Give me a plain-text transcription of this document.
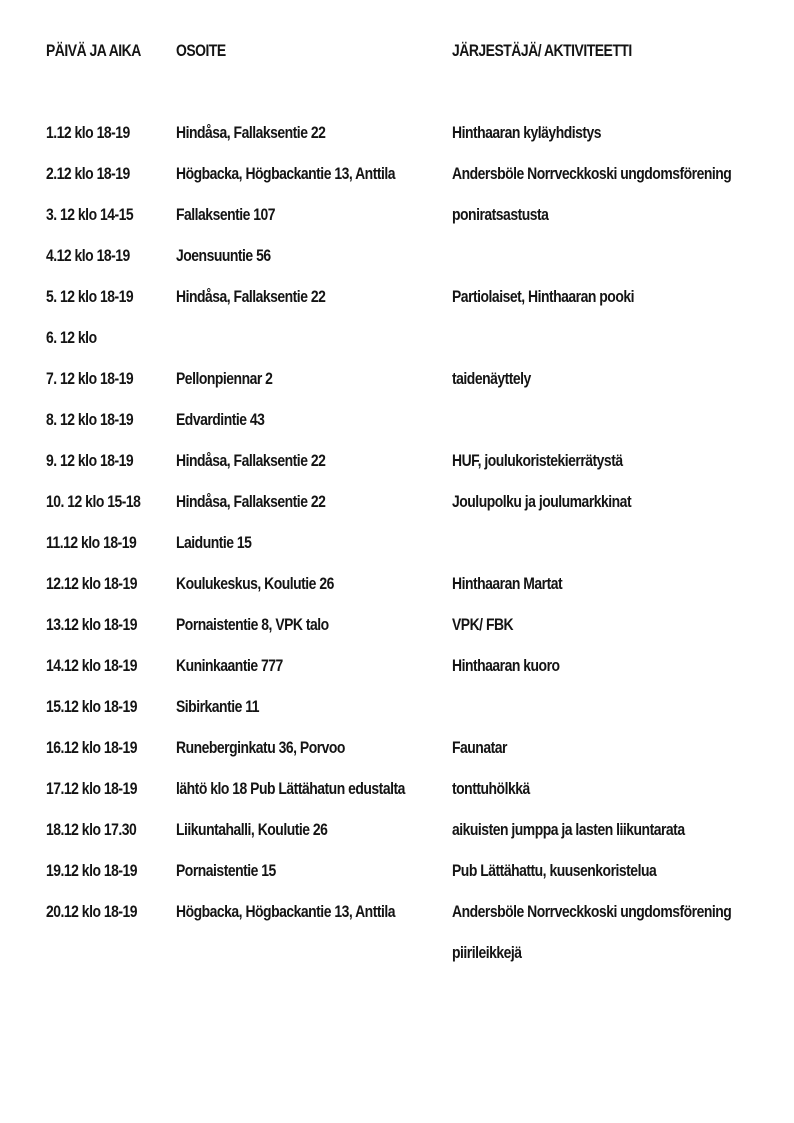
PÄIVÄ JA AIKA OSOITE	JÄRJESTÄJÄ/ AKTIVITEETTI
1.12 klo 18-19	Hindåsa, Fallaksentie 22	Hinthaaran kyläyhdistys
2.12 klo 18-19	Högbacka, Högbackantie 13, Anttila	Andersböle Norrveckkoski ungdomsförening
3. 12 klo 14-15	Fallaksentie 107	poniratsastusta
4.12 klo 18-19	Joensuuntie 56
5. 12 klo 18-19	Hindåsa, Fallaksentie 22	Partiolaiset, Hinthaaran pooki
6. 12 klo
7. 12 klo 18-19	Pellonpiennar 2	taidenäyttely
8. 12 klo 18-19	Edvardintie 43
9. 12 klo 18-19	Hindåsa, Fallaksentie 22	HUF, joulukoristekierrätystä
10. 12 klo 15-18 Hindåsa, Fallaksentie 22	Joulupolku ja joulumarkkinat
11.12 klo 18-19 Laiduntie 15
12.12 klo 18-19 Koulukeskus, Koulutie 26	Hinthaaran Martat
13.12 klo 18-19 Pornaistentie 8, VPK talo	VPK/ FBK
14.12 klo 18-19 Kuninkaantie 777	Hinthaaran kuoro
15.12 klo 18-19 Sibirkantie 11
16.12 klo 18-19 Runeberginkatu 36, Porvoo	Faunatar
17.12 klo 18-19 lähtö klo 18 Pub Lättähatun edustalta	tonttuhölkkä
18.12 klo 17.30 Liikuntahalli, Koulutie 26	aikuisten jumppa ja lasten liikuntarata
19.12 klo 18-19 Pornaistentie 15	Pub Lättähattu, kuusenkoristelua
20.12 klo 18-19 Högbacka, Högbackantie 13, Anttila	Andersböle Norrveckkoski ungdomsförening
piirileikkejä
